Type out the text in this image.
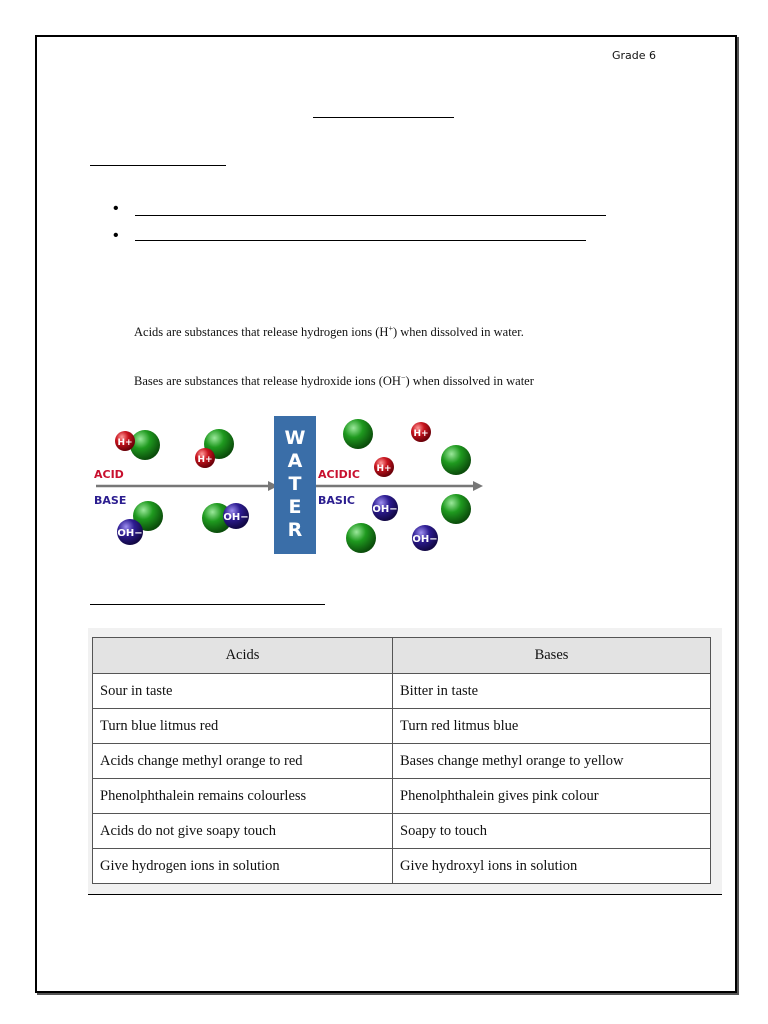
Grade 6
•
•
Acids are substances that release hydrogen ions (H+) when dissolved in water.
Bases are substances that release hydroxide ions (OH−) when dissolved in water
ACID
BASE
ACIDIC
BASIC
W
A
T
E
R
H+
H+
OH−
OH−
H+
H+
OH−
OH−
Acids	Bases
Sour in taste	Bitter in taste
Turn blue litmus red	Turn red litmus blue
Acids change methyl orange to red	Bases change methyl orange to yellow
Phenolphthalein remains colourless	Phenolphthalein gives pink colour
Acids do not give soapy touch	Soapy to touch
Give hydrogen ions in solution	Give hydroxyl ions in solution
